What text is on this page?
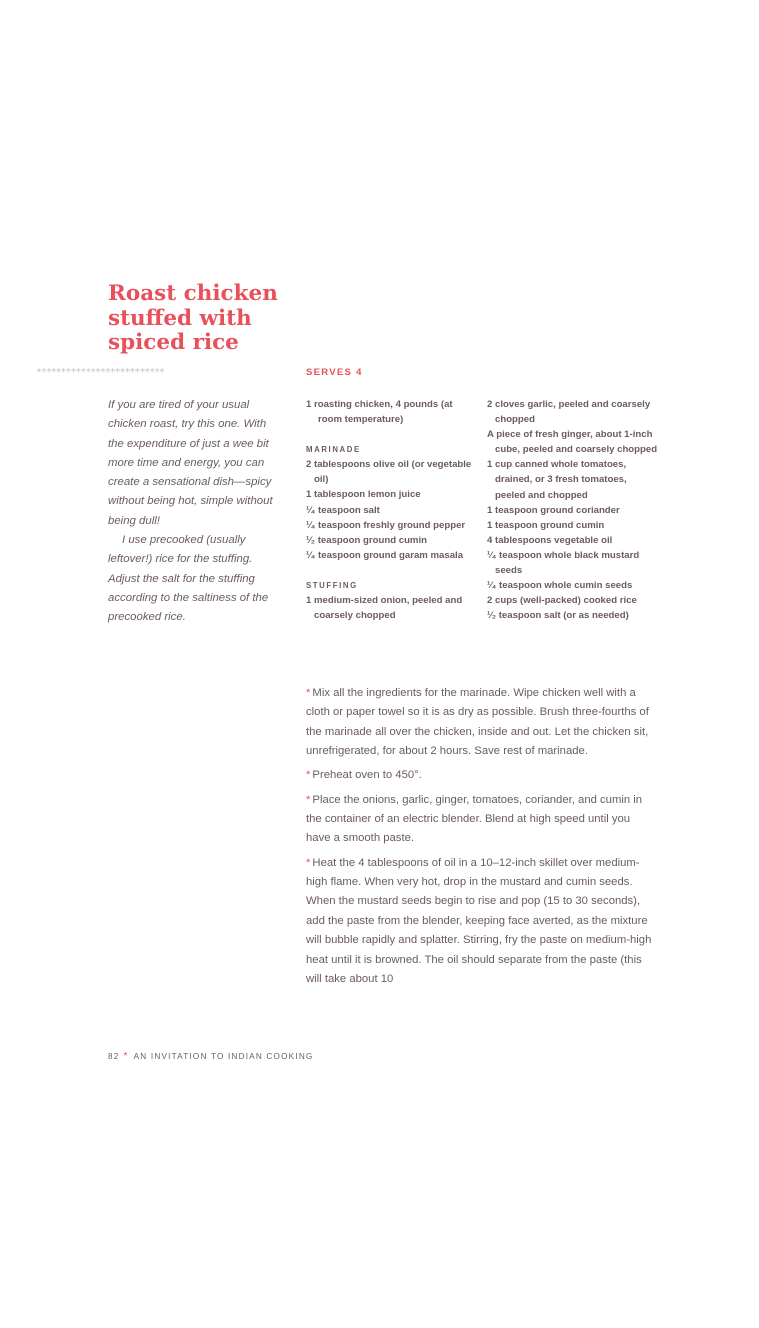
Roast chicken stuffed with spiced rice
**************************	SERVES 4

If you are tired of your usual chicken roast, try this one. With the expenditure of just a wee bit more time and energy, you can create a sensational dish—spicy without being hot, simple without being dull!

I use precooked (usually leftover!) rice for the stuffing. Adjust the salt for the stuffing according to the saltiness of the precooked rice.

1 roasting chicken, 4 pounds (at room temperature)
MARINADE
2 tablespoons olive oil (or vegetable oil)
1 tablespoon lemon juice
¹⁄₄ teaspoon salt
¹⁄₄ teaspoon freshly ground pepper
¹⁄₂ teaspoon ground cumin
¹⁄₄ teaspoon ground garam masala
STUFFING
1 medium-sized onion, peeled and coarsely chopped
2 cloves garlic, peeled and coarsely chopped
A piece of fresh ginger, about 1-inch cube, peeled and coarsely chopped
1 cup canned whole tomatoes, drained, or 3 fresh tomatoes, peeled and chopped
1 teaspoon ground coriander
1 teaspoon ground cumin
4 tablespoons vegetable oil
¹⁄₄ teaspoon whole black mustard seeds
¹⁄₄ teaspoon whole cumin seeds
2 cups (well-packed) cooked rice
¹⁄₂ teaspoon salt (or as needed)

* Mix all the ingredients for the marinade. Wipe chicken well with a cloth or paper towel so it is as dry as possible. Brush three-fourths of the marinade all over the chicken, inside and out. Let the chicken sit, unrefrigerated, for about 2 hours. Save rest of marinade.

* Preheat oven to 450°.

* Place the onions, garlic, ginger, tomatoes, coriander, and cumin in the container of an electric blender. Blend at high speed until you have a smooth paste.

* Heat the 4 tablespoons of oil in a 10–12-inch skillet over medium-high flame. When very hot, drop in the mustard and cumin seeds. When the mustard seeds begin to rise and pop (15 to 30 seconds), add the paste from the blender, keeping face averted, as the mixture will bubble rapidly and splatter. Stirring, fry the paste on medium-high heat until it is browned. The oil should separate from the paste (this will take about 10

82 * AN INVITATION TO INDIAN COOKING
